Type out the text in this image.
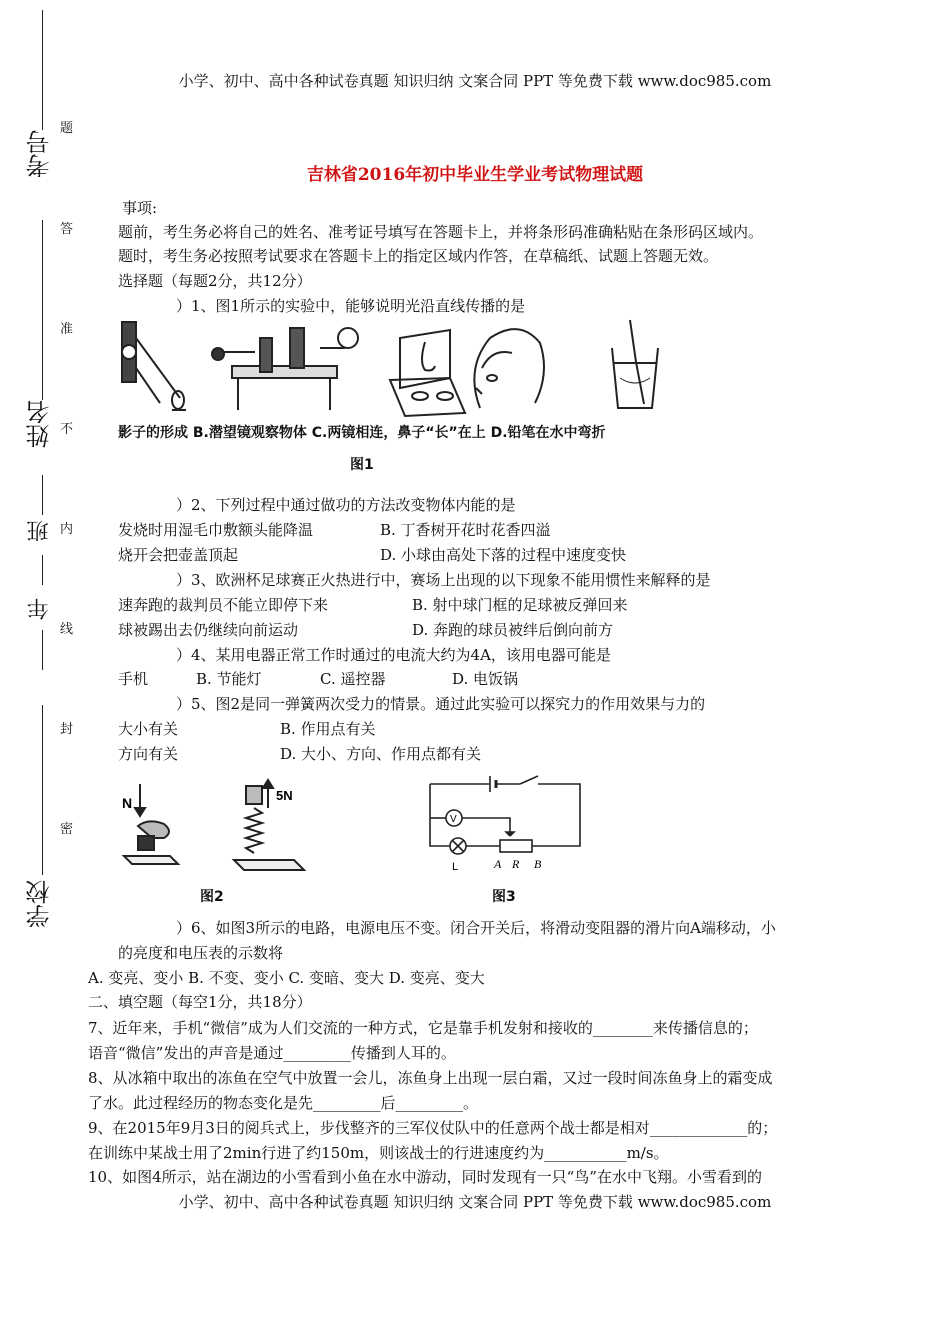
考号
姓名
班
年
学校
题
答
准
不
内
线
封
密
小学、初中、高中各种试卷真题 知识归纳 文案合同 PPT 等免费下载 www.doc985.com
吉林省2016年初中毕业生学业考试物理试题
事项:
题前，考生务必将自己的姓名、准考证号填写在答题卡上，并将条形码准确粘贴在条形码区域内。
题时，考生务必按照考试要求在答题卡上的指定区域内作答，在草稿纸、试题上答题无效。
选择题（每题2分，共12分）
）1、图1所示的实验中，能够说明光沿直线传播的是
影子的形成 B.潜望镜观察物体 C.两镜相连，鼻子“长”在上 D.铅笔在水中弯折
图1
）2、下列过程中通过做功的方法改变物体内能的是
发烧时用湿毛巾敷额头能降温	B. 丁香树开花时花香四溢
烧开会把壶盖顶起	D. 小球由高处下落的过程中速度变快
）3、欧洲杯足球赛正火热进行中，赛场上出现的以下现象不能用惯性来解释的是
速奔跑的裁判员不能立即停下来	B. 射中球门框的足球被反弹回来
球被踢出去仍继续向前运动	D. 奔跑的球员被绊后倒向前方
）4、某用电器正常工作时通过的电流大约为4A，该用电器可能是
手机	B. 节能灯	C. 遥控器	D. 电饭锅
）5、图2是同一弹簧两次受力的情景。通过此实验可以探究力的作用效果与力的
大小有关	B. 作用点有关
方向有关	D. 大小、方向、作用点都有关
N	5N
图2
V
A R B
L
图3
）6、如图3所示的电路，电源电压不变。闭合开关后，将滑动变阻器的滑片向A端移动，小
的亮度和电压表的示数将
A. 变亮、变小 B. 不变、变小 C. 变暗、变大 D. 变亮、变大
二、填空题（每空1分，共18分）
7、近年来，手机“微信”成为人们交流的一种方式，它是靠手机发射和接收的________来传播信息的；
语音“微信”发出的声音是通过_________传播到人耳的。
8、从冰箱中取出的冻鱼在空气中放置一会儿，冻鱼身上出现一层白霜，又过一段时间冻鱼身上的霜变成
了水。此过程经历的物态变化是先_________后_________。
9、在2015年9月3日的阅兵式上，步伐整齐的三军仪仗队中的任意两个战士都是相对_____________的；
在训练中某战士用了2min行进了约150m，则该战士的行进速度约为___________m/s。
10、如图4所示，站在湖边的小雪看到小鱼在水中游动，同时发现有一只“鸟”在水中飞翔。小雪看到的
小学、初中、高中各种试卷真题 知识归纳 文案合同 PPT 等免费下载 www.doc985.com
